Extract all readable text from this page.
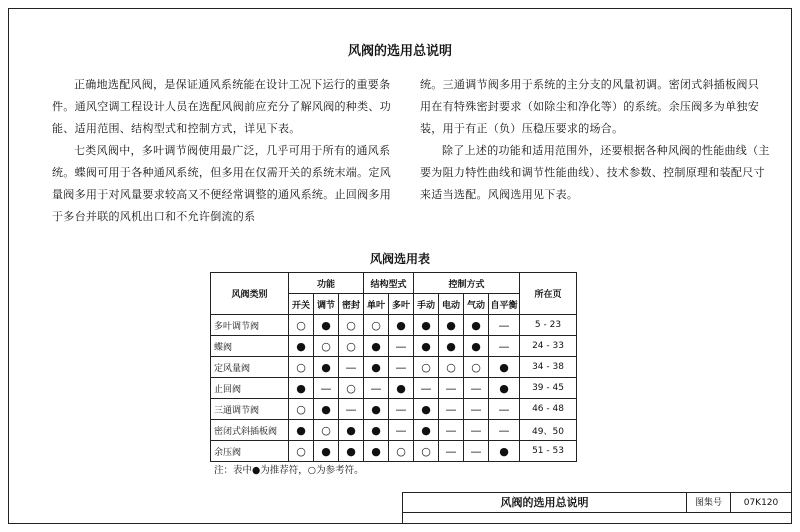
风阀的选用总说明

正确地选配风阀，是保证通风系统能在设计工况下运行的重要条件。通风空调工程设计人员在选配风阀前应充分了解风阀的种类、功能、适用范围、结构型式和控制方式，详见下表。

七类风阀中，多叶调节阀使用最广泛，几乎可用于所有的通风系统。蝶阀可用于各种通风系统，但多用在仅需开关的系统末端。定风量阀多用于对风量要求较高又不便经常调整的通风系统。止回阀多用于多台并联的风机出口和不允许倒流的系

统。三通调节阀多用于系统的主分支的风量初调。密闭式斜插板阀只用在有特殊密封要求（如除尘和净化等）的系统。余压阀多为单独安装，用于有正（负）压稳压要求的场合。

除了上述的功能和适用范围外，还要根据各种风阀的性能曲线（主要为阻力特性曲线和调节性能曲线）、技术参数、控制原理和装配尺寸来适当选配。风阀选用见下表。

风阀选用表
风阀类别	功能			结构型式		控制方式				所在页
	开关	调节	密封	单叶	多叶	手动	电动	气动	自平衡	
多叶调节阀	○	●	○	○	●	●	●	●	—	5 - 23
蝶阀	●	○	○	●	—	●	●	●	—	24 - 33
定风量阀	○	●	—	●	—	○	○	○	●	34 - 38
止回阀	●	—	○	—	●	—	—	—	●	39 - 45
三通调节阀	○	●	—	●	—	●	—	—	—	46 - 48
密闭式斜插板阀	●	○	●	●	—	●	—	—	—	49、50
余压阀	○	●	●	●	○	○	—	—	●	51 - 53
注：表中●为推荐符，○为参考符。
风阀的选用总说明	图集号	07K120
